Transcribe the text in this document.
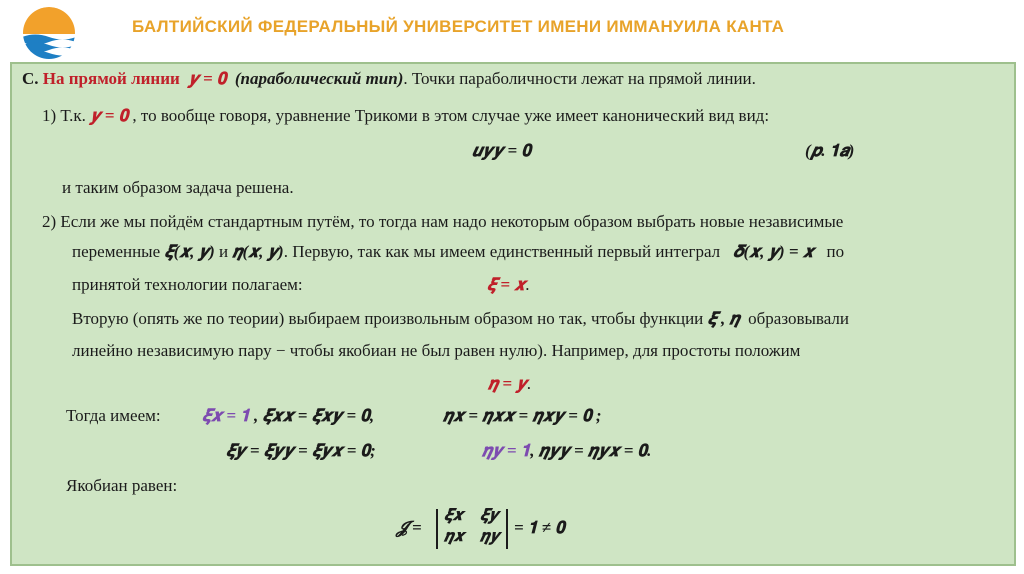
БАЛТИЙСКИЙ ФЕДЕРАЛЬНЫЙ УНИВЕРСИТЕТ ИМЕНИ ИММАНУИЛА КАНТА
C. На прямой линии 𝒚 = 𝟎 (параболический тип). Точки параболичности лежат на прямой линии.
1) Т.к. 𝒚 = 𝟎 , то вообще говоря, уравнение Трикоми в этом случае уже имеет канонический вид вид:
𝒖𝒚𝒚 = 𝟎	(𝒑. 𝟏𝒂)
и таким образом задача решена.
2) Если же мы пойдём стандартным путём, то тогда нам надо некоторым образом выбрать новые независимые
переменные 𝝃(𝒙, 𝒚) и 𝜼(𝒙, 𝒚). Первую, так как мы имеем единственный первый интеграл 𝜹(𝒙, 𝒚) = 𝒙 по
принятой технологии полагаем:	𝝃 = 𝒙.
Вторую (опять же по теории) выбираем произвольным образом но так, чтобы функции 𝝃 , 𝜼 образовывали
линейно независимую пару − чтобы якобиан не был равен нулю). Например, для простоты положим
𝜼 = 𝒚.
Тогда имеем: 𝝃𝒙 = 𝟏 , 𝝃𝒙𝒙 = 𝝃𝒙𝒚 = 𝟎,	𝜼𝒙 = 𝜼𝒙𝒙 = 𝜼𝒙𝒚 = 𝟎 ;
𝝃𝒚 = 𝝃𝒚𝒚 = 𝝃𝒚𝒙 = 𝟎;	𝜼𝒚 = 𝟏, 𝜼𝒚𝒚 = 𝜼𝒚𝒙 = 𝟎.
Якобиан равен:
𝓙 =
𝝃𝒙 𝝃𝒚
𝜼𝒙 𝜼𝒚 = 𝟏 ≠ 𝟎
